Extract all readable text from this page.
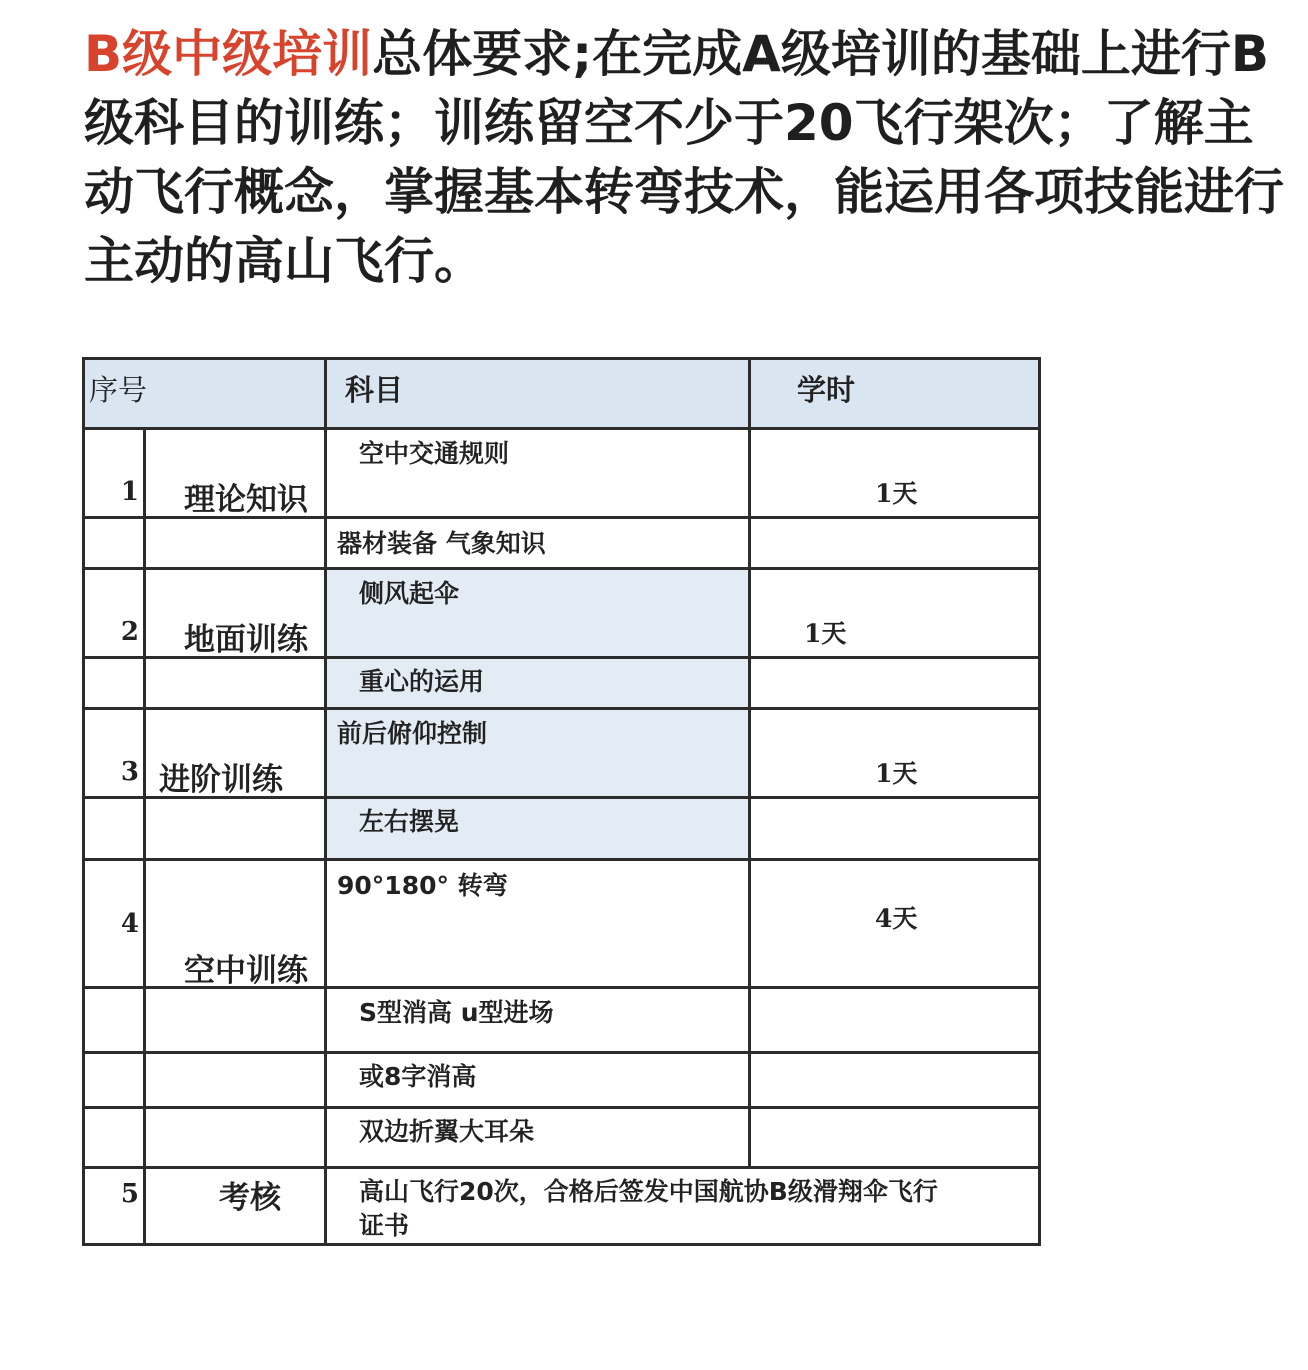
B级中级培训总体要求;在完成A级培训的基础上进行B级科目的训练；训练留空不少于20飞行架次；了解主动飞行概念，掌握基本转弯技术，能运用各项技能进行主动的高山飞行。

序号		科目	学时

1	理论知识	空中交通规则	1天

		器材装备 气象知识	

2	地面训练	侧风起伞	1天

		重心的运用	

3	进阶训练	前后俯仰控制	1天

		左右摆晃	

4	空中训练	90°180° 转弯	4天

		S型消高 u型进场	

		或8字消高	

		双边折翼大耳朵	

5	考核	高山飞行20次，合格后签发中国航协B级滑翔伞飞行
证书	
